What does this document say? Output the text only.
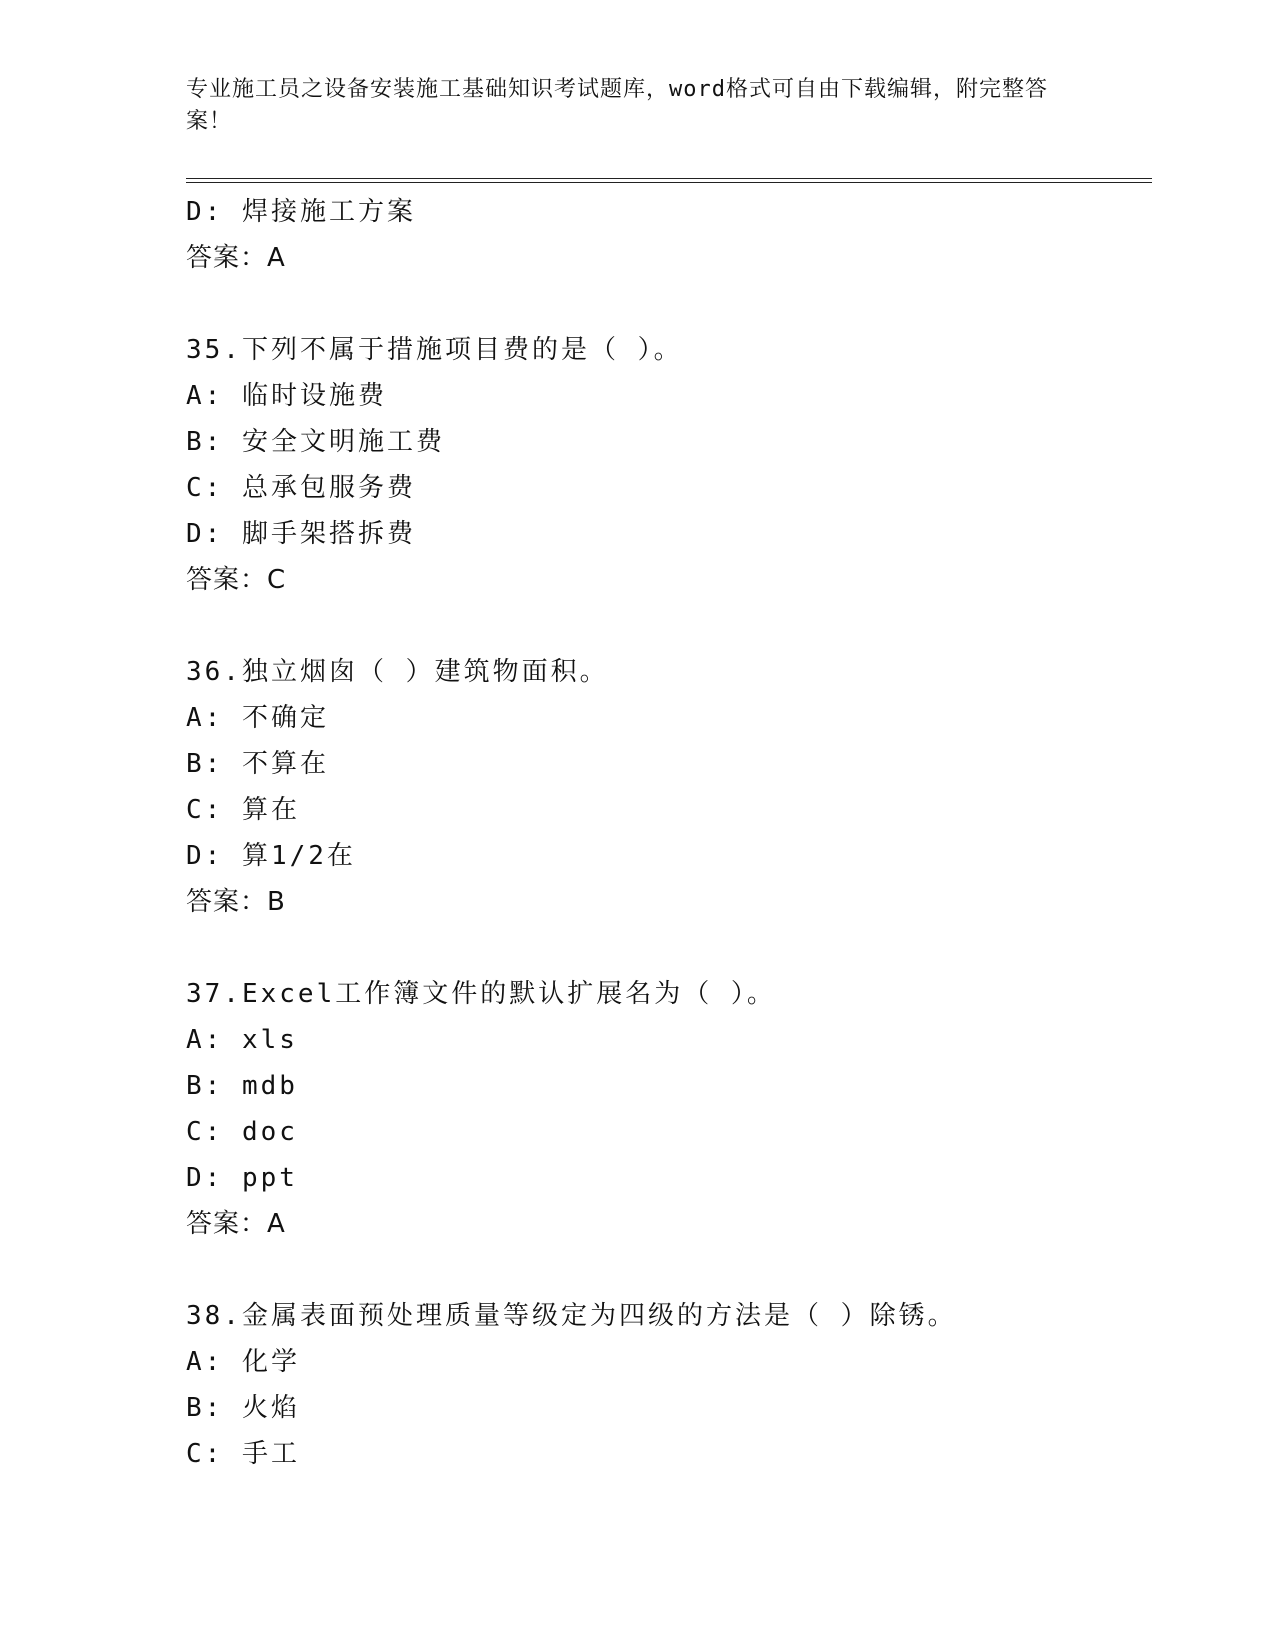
专业施工员之设备安装施工基础知识考试题库，word格式可自由下载编辑，附完整答案！
D: 焊接施工方案
答案：A
35.下列不属于措施项目费的是（ ）。
A: 临时设施费
B: 安全文明施工费
C: 总承包服务费
D: 脚手架搭拆费
答案：C
36.独立烟囱（ ）建筑物面积。
A: 不确定
B: 不算在
C: 算在
D: 算1/2在
答案：B
37.Excel工作簿文件的默认扩展名为（ ）。
A: xls
B: mdb
C: doc
D: ppt
答案：A
38.金属表面预处理质量等级定为四级的方法是（ ）除锈。
A: 化学
B: 火焰
C: 手工
